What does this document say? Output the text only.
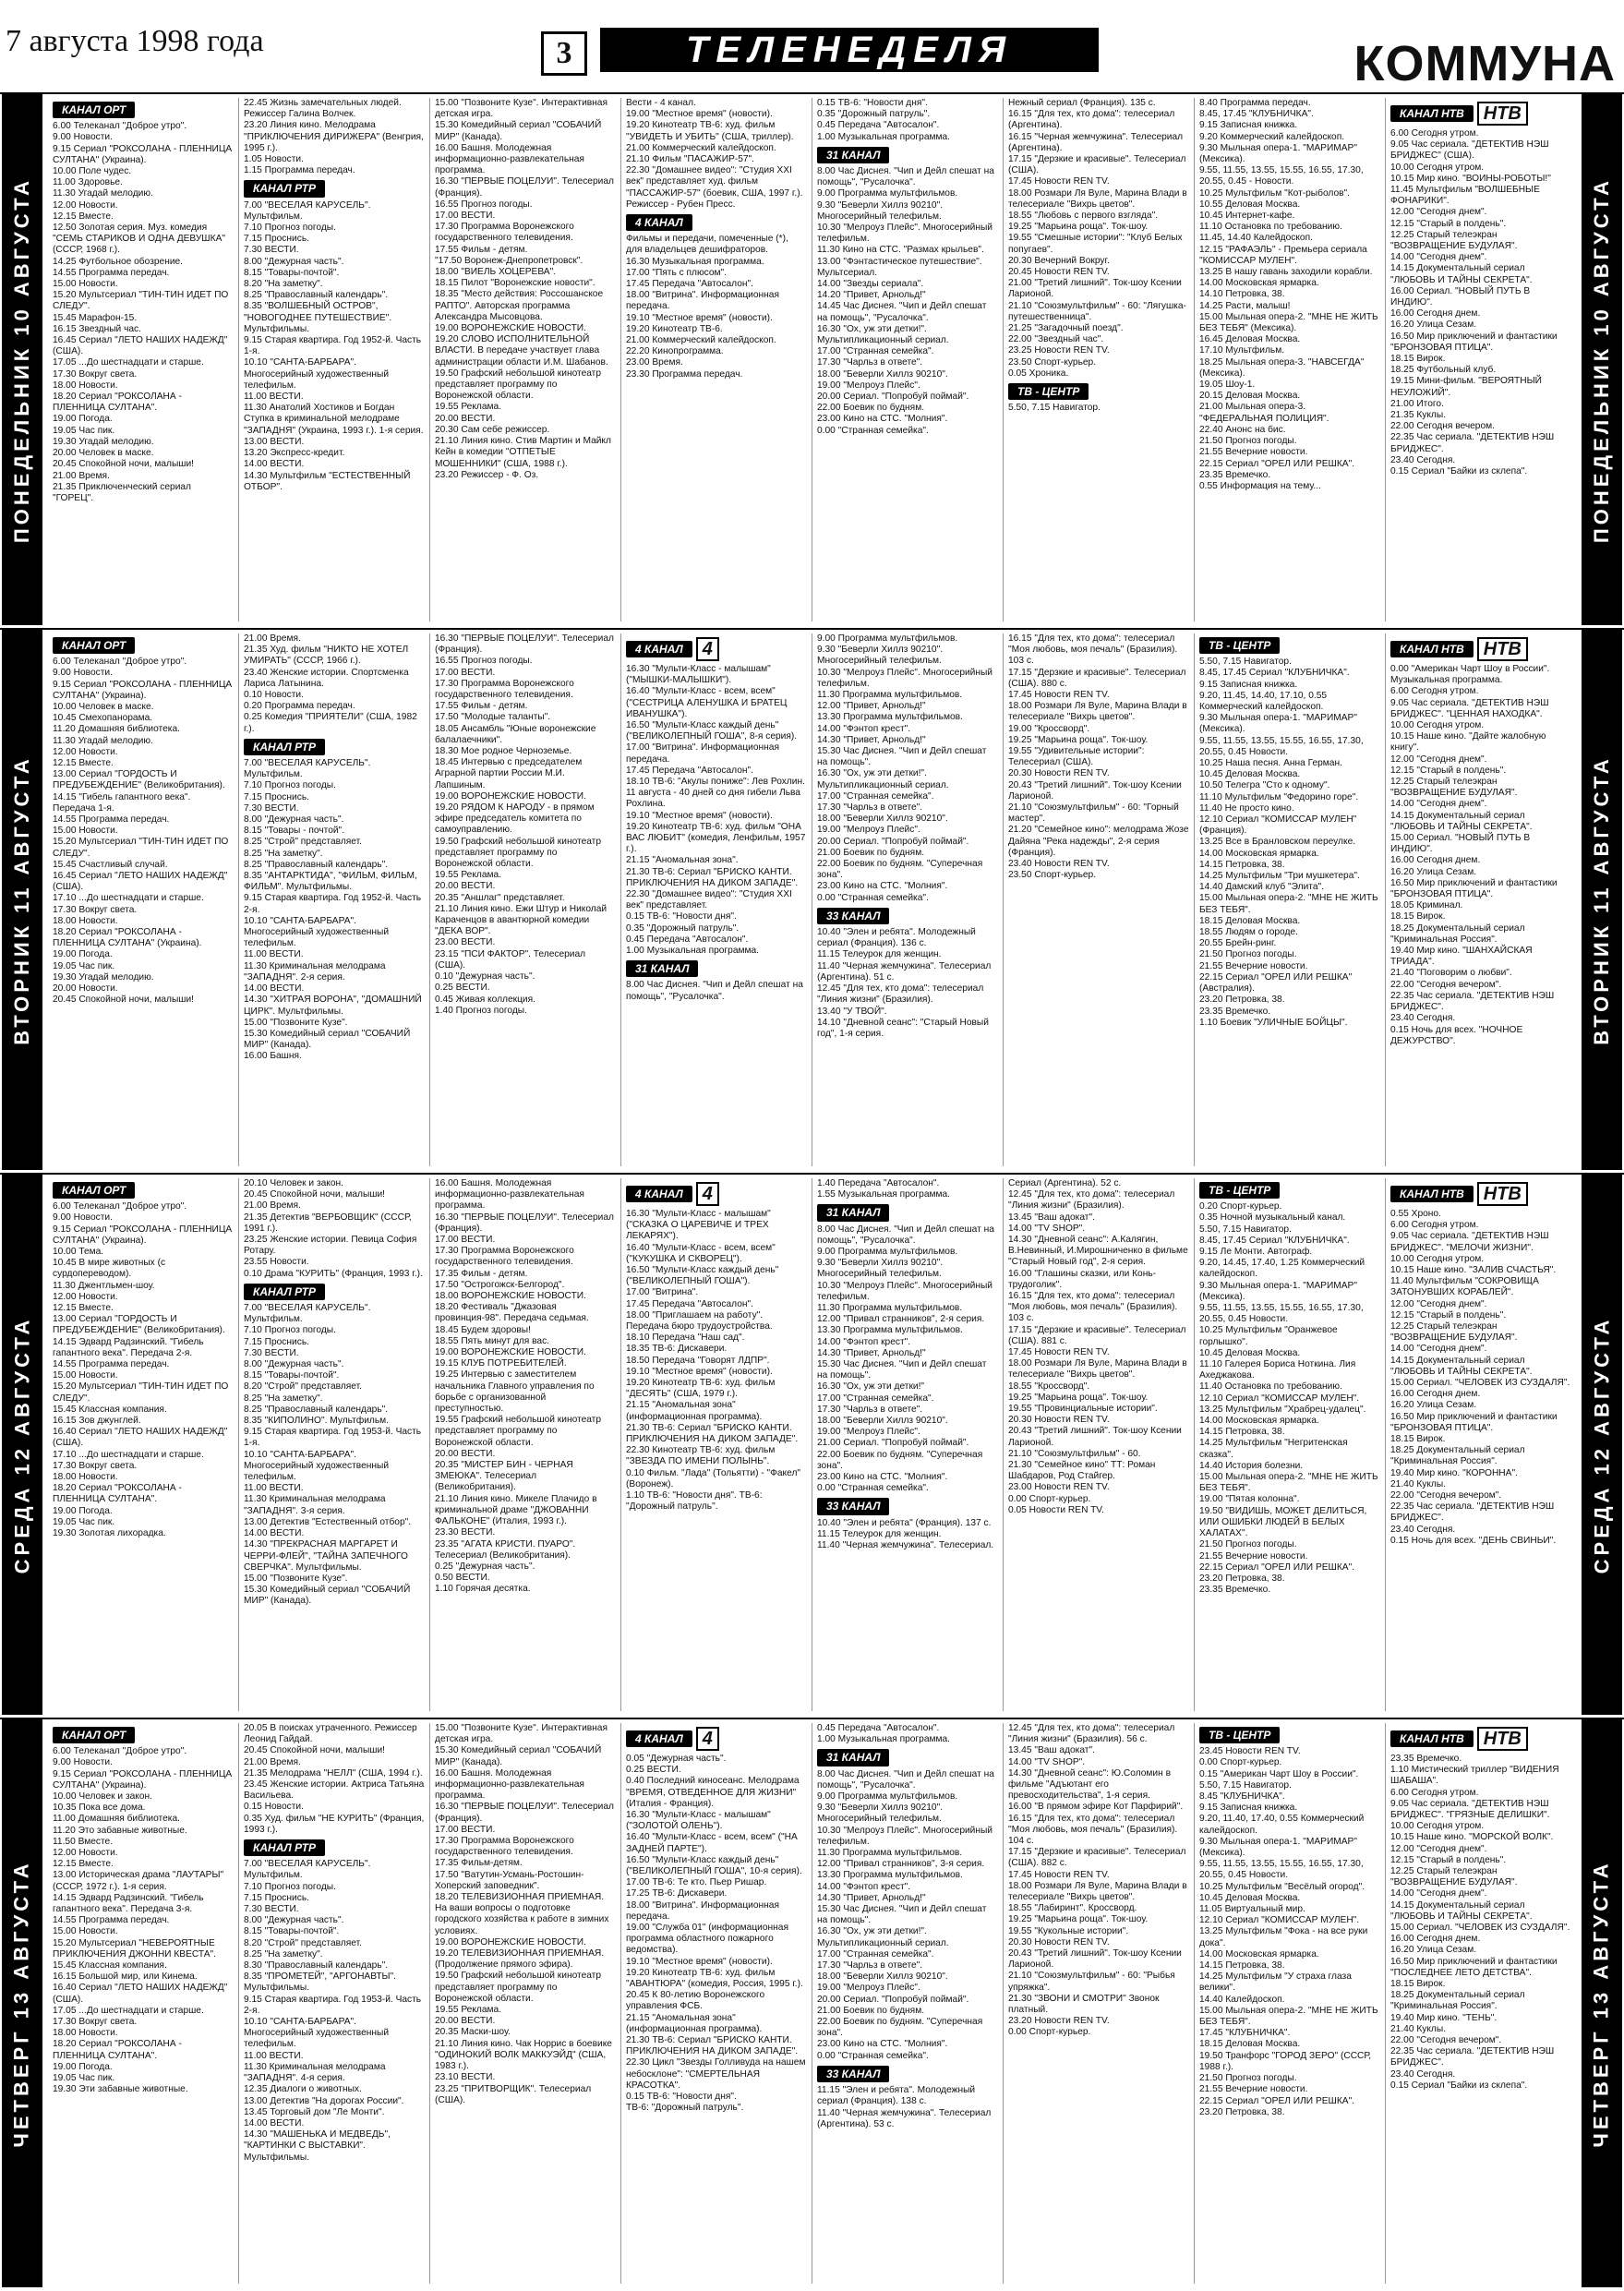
7 августа 1998 года	3	ТЕЛЕНЕДЕЛЯ	КОММУНА
ПОНЕДЕЛЬНИК 10 АВГУСТА	ПОНЕДЕЛЬНИК 10 АВГУСТА
КАНАЛ ОРТ

6.00 Телеканал "Доброе утро".

9.00 Новости.

9.15 Сериал "РОКСОЛАНА - ПЛЕННИЦА СУЛТАНА" (Украина).

10.00 Поле чудес.

11.00 Здоровье.

11.30 Угадай мелодию.

12.00 Новости.

12.15 Вместе.

12.50 Золотая серия. Муз. комедия "СЕМЬ СТАРИКОВ И ОДНА ДЕВУШКА" (СССР, 1968 г.).

14.25 Футбольное обозрение.

14.55 Программа передач.

15.00 Новости.

15.20 Мультсериал "ТИН-ТИН ИДЕТ ПО СЛЕДУ".

15.45 Марафон-15.

16.15 Звездный час.

16.45 Сериал "ЛЕТО НАШИХ НАДЕЖД" (США).

17.05 ...До шестнадцати и старше.

17.30 Вокруг света.

18.00 Новости.

18.20 Сериал "РОКСОЛАНА - ПЛЕННИЦА СУЛТАНА".

19.00 Погода.

19.05 Час пик.

19.30 Угадай мелодию.

20.00 Человек в маске.

20.45 Спокойной ночи, малыши!

21.00 Время.

21.35 Приключенческий сериал "ГОРЕЦ".

22.45 Жизнь замечательных людей. Режиссер Галина Волчек.

23.20 Линия кино. Мелодрама "ПРИКЛЮЧЕНИЯ ДИРИЖЕРА" (Венгрия, 1995 г.).

1.05 Новости.

1.15 Программа передач.

КАНАЛ РТР

7.00 "ВЕСЕЛАЯ КАРУСЕЛЬ". Мультфильм.

7.10 Прогноз погоды.

7.15 Проснись.

7.30 ВЕСТИ.

8.00 "Дежурная часть".

8.15 "Товары-почтой".

8.20 "На заметку".

8.25 "Православный календарь".

8.35 "ВОЛШЕБНЫЙ ОСТРОВ", "НОВОГОДНЕЕ ПУТЕШЕСТВИЕ". Мультфильмы.

9.15 Старая квартира. Год 1952-й. Часть 1-я.

10.10 "САНТА-БАРБАРА". Многосерийный художественный телефильм.

11.00 ВЕСТИ.

11.30 Анатолий Хостиков и Богдан Ступка в криминальной мелодраме "ЗАПАДНЯ" (Украина, 1993 г.). 1-я серия.

13.00 ВЕСТИ.

13.20 Экспресс-кредит.

14.00 ВЕСТИ.

14.30 Мультфильм "ЕСТЕСТВЕННЫЙ ОТБОР".

15.00 "Позвоните Кузе". Интерактивная детская игра.

15.30 Комедийный сериал "СОБАЧИЙ МИР" (Канада).

16.00 Башня. Молодежная информационно-развлекательная программа.

16.30 "ПЕРВЫЕ ПОЦЕЛУИ". Телесериал (Франция).

16.55 Прогноз погоды.

17.00 ВЕСТИ.

17.30 Программа Воронежского государственного телевидения.

17.55 Фильм - детям.

"17.50 Воронеж-Днепропетровск".

18.00 "ВИЕЛЬ ХОЦЕРЕВА".

18.15 Пилот "Воронежские новости".

18.35 "Место действия: Россошанское РАПТО". Авторская программа Александра Мысовцова.

19.00 ВОРОНЕЖСКИЕ НОВОСТИ.

19.20 СЛОВО ИСПОЛНИТЕЛЬНОЙ ВЛАСТИ. В передаче участвует глава администрации области И.М. Шабанов.

19.50 Графский небольшой кинотеатр представляет программу по Воронежской области.

19.55 Реклама.

20.00 ВЕСТИ.

20.30 Сам себе режиссер.

21.10 Линия кино. Стив Мартин и Майкл Кейн в комедии "ОТПЕТЫЕ МОШЕННИКИ" (США, 1988 г.).

23.20 Режиссер - Ф. Оз.

Вести - 4 канал.

19.00 "Местное время" (новости).

19.20 Кинотеатр ТВ-6: худ. фильм "УВИДЕТЬ И УБИТЬ" (США, триллер).

21.00 Коммерческий калейдоскоп.

21.10 Фильм "ПАСАЖИР-57".

22.30 "Домашнее видео": "Студия XXI век" представляет худ. фильм "ПАССАЖИР-57" (боевик, США, 1997 г.). Режиссер - Рубен Пресс.

4 КАНАЛ

Фильмы и передачи, помеченные (*), для владельцев дешифраторов.

16.30 Музыкальная программа.

17.00 "Пять с плюсом".

17.45 Передача "Автосалон".

18.00 "Витрина". Информационная передача.

19.10 "Местное время" (новости).

19.20 Кинотеатр ТВ-6.

21.00 Коммерческий калейдоскоп.

22.20 Кинопрограмма.

23.00 Время.

23.30 Программа передач.

0.15 ТВ-6: "Новости дня".

0.35 "Дорожный патруль".

0.45 Передача "Автосалон".

1.00 Музыкальная программа.

31 КАНАЛ

8.00 Час Диснея. "Чип и Дейл спешат на помощь", "Русалочка".

9.00 Программа мультфильмов.

9.30 "Беверли Хиллз 90210". Многосерийный телефильм.

10.30 "Мелроуз Плейс". Многосерийный телефильм.

11.30 Кино на СТС. "Размах крыльев".

13.00 "Фэнтастическое путешествие". Мультсериал.

14.00 "Звезды сериала".

14.20 "Привет, Арнольд!"

14.45 Час Диснея. "Чип и Дейл спешат на помощь", "Русалочка".

16.30 "Ох, уж эти детки!". Мультипликационный сериал.

17.00 "Странная семейка".

17.30 "Чарльз в ответе".

18.00 "Беверли Хиллз 90210".

19.00 "Мелроуз Плейс".

20.00 Сериал. "Попробуй поймай".

22.00 Боевик по будням.

23.00 Кино на СТС. "Молния".

0.00 "Странная семейка".

Нежный сериал (Франция). 135 с.

16.15 "Для тех, кто дома": телесериал (Аргентина).

16.15 "Черная жемчужина". Телесериал (Аргентина).

17.15 "Дерзкие и красивые". Телесериал (США).

17.45 Новости REN TV.

18.00 Розмари Ля Вуле, Марина Влади в телесериале "Вихрь цветов".

18.55 "Любовь с первого взгляда".

19.25 "Марьина роща". Ток-шоу.

19.55 "Смешные истории": "Клуб Белых попугаев".

20.30 Вечерний Вокруг.

20.45 Новости REN TV.

21.00 "Третий лишний". Ток-шоу Ксении Ларионой.

21.10 "Союзмультфильм" - 60: "Лягушка-путешественница".

21.25 "Загадочный поезд".

22.00 "Звездный час".

23.25 Новости REN TV.

23.50 Спорт-курьер.

0.05 Хроника.

ТВ - ЦЕНТР

5.50, 7.15 Навигатор.

8.40 Программа передач.

8.45, 17.45 "КЛУБНИЧКА".

9.15 Записная книжка.

9.20 Коммерческий калейдоскоп.

9.30 Мыльная опера-1. "МАРИМАР" (Мексика).

9.55, 11.55, 13.55, 15.55, 16.55, 17.30, 20.55, 0.45 - Новости.

10.25 Мультфильм "Кот-рыболов".

10.55 Деловая Москва.

10.45 Интернет-кафе.

11.10 Остановка по требованию.

11.45, 14.40 Калейдоскоп.

12.15 "РАФАЭЛЬ" - Премьера сериала "КОМИССАР МУЛЕН".

13.25 В нашу гавань заходили корабли.

14.00 Московская ярмарка.

14.10 Петровка, 38.

14.25 Расти, малыш!

15.00 Мыльная опера-2. "МНЕ НЕ ЖИТЬ БЕЗ ТЕБЯ" (Мексика).

16.45 Деловая Москва.

17.10 Мультфильм.

18.25 Мыльная опера-3. "НАВСЕГДА" (Мексика).

19.05 Шоу-1.

20.15 Деловая Москва.

21.00 Мыльная опера-3. "ФЕДЕРАЛЬНАЯ ПОЛИЦИЯ".

22.40 Анонс на бис.

21.50 Прогноз погоды.

21.55 Вечерние новости.

22.15 Сериал "ОРЕЛ ИЛИ РЕШКА".

23.35 Времечко.

0.55 Информация на тему...

КАНАЛ НТВ	НТВ

6.00 Сегодня утром.

9.05 Час сериала. "ДЕТЕКТИВ НЭШ БРИДЖЕС" (США).

10.00 Сегодня утром.

10.15 Мир кино. "ВОИНЫ-РОБОТЫ!"

11.45 Мультфильм "ВОЛШЕБНЫЕ ФОНАРИКИ".

12.00 "Сегодня днем".

12.15 "Старый в полдень".

12.25 Старый телеэкран "ВОЗВРАЩЕНИЕ БУДУЛАЯ".

14.00 "Сегодня днем".

14.15 Документальный сериал "ЛЮБОВЬ И ТАЙНЫ СЕКРЕТА".

16.00 Сериал. "НОВЫЙ ПУТЬ В ИНДИЮ".

16.00 Сегодня днем.

16.20 Улица Сезам.

16.50 Мир приключений и фантастики "БРОНЗОВАЯ ПТИЦА".

18.15 Вирок.

18.25 Футбольный клуб.

19.15 Мини-фильм. "ВЕРОЯТНЫЙ НЕУЛОЖИЙ".

21.00 Итого.

21.35 Куклы.

22.00 Сегодня вечером.

22.35 Час сериала. "ДЕТЕКТИВ НЭШ БРИДЖЕС".

23.40 Сегодня.

0.15 Сериал "Байки из склепа".

ВТОРНИК 11 АВГУСТА	ВТОРНИК 11 АВГУСТА
КАНАЛ ОРТ

6.00 Телеканал "Доброе утро".

9.00 Новости.

9.15 Сериал "РОКСОЛАНА - ПЛЕННИЦА СУЛТАНА" (Украина).

10.00 Человек в маске.

10.45 Смехопанорама.

11.20 Домашняя библиотека.

11.30 Угадай мелодию.

12.00 Новости.

12.15 Вместе.

13.00 Сериал "ГОРДОСТЬ И ПРЕДУБЕЖДЕНИЕ" (Великобритания).

14.15 "Гибель гапантного века". Передача 1-я.

14.55 Программа передач.

15.00 Новости.

15.20 Мультсериал "ТИН-ТИН ИДЕТ ПО СЛЕДУ".

15.45 Счастливый случай.

16.45 Сериал "ЛЕТО НАШИХ НАДЕЖД" (США).

17.10 ...До шестнадцати и старше.

17.30 Вокруг света.

18.00 Новости.

18.20 Сериал "РОКСОЛАНА - ПЛЕННИЦА СУЛТАНА" (Украина).

19.00 Погода.

19.05 Час пик.

19.30 Угадай мелодию.

20.00 Новости.

20.45 Спокойной ночи, малыши!

21.00 Время.

21.35 Худ. фильм "НИКТО НЕ ХОТЕЛ УМИРАТЬ" (СССР, 1966 г.).

23.40 Женские истории. Спортсменка Лариса Латынина.

0.10 Новости.

0.20 Программа передач.

0.25 Комедия "ПРИЯТЕЛИ" (США, 1982 г.).

КАНАЛ РТР

7.00 "ВЕСЕЛАЯ КАРУСЕЛЬ". Мультфильм.

7.10 Прогноз погоды.

7.15 Проснись.

7.30 ВЕСТИ.

8.00 "Дежурная часть".

8.15 "Товары - почтой".

8.25 "Строй" представляет.

8.25 "На заметку".

8.25 "Православный календарь".

8.35 "АНТАРКТИДА", "ФИЛЬМ, ФИЛЬМ, ФИЛЬМ". Мультфильмы.

9.15 Старая квартира. Год 1952-й. Часть 2-я.

10.10 "САНТА-БАРБАРА". Многосерийный художественный телефильм.

11.00 ВЕСТИ.

11.30 Криминальная мелодрама "ЗАПАДНЯ". 2-я серия.

14.00 ВЕСТИ.

14.30 "ХИТРАЯ ВОРОНА", "ДОМАШНИЙ ЦИРК". Мультфильмы.

15.00 "Позвоните Кузе".

15.30 Комедийный сериал "СОБАЧИЙ МИР" (Канада).

16.00 Башня.

16.30 "ПЕРВЫЕ ПОЦЕЛУИ". Телесериал (Франция).

16.55 Прогноз погоды.

17.00 ВЕСТИ.

17.30 Программа Воронежского государственного телевидения.

17.55 Фильм - детям.

17.50 "Молодые таланты".

18.05 Ансамбль "Юные воронежские балалаечники".

18.30 Мое родное Черноземье.

18.45 Интервью с председателем Аграрной партии России М.И. Лапшиным.

19.00 ВОРОНЕЖСКИЕ НОВОСТИ.

19.20 РЯДОМ К НАРОДУ - в прямом эфире председатель комитета по самоуправлению.

19.50 Графский небольшой кинотеатр представляет программу по Воронежской области.

19.55 Реклама.

20.00 ВЕСТИ.

20.35 "Аншлаг" представляет.

21.10 Линия кино. Ежи Штур и Николай Караченцов в авантюрной комедии "ДЕКА ВОР".

23.00 ВЕСТИ.

23.15 "ПСИ ФАКТОР". Телесериал (США).

0.10 "Дежурная часть".

0.25 ВЕСТИ.

0.45 Живая коллекция.

1.40 Прогноз погоды.

4 КАНАЛ	4

16.30 "Мульти-Класс - малышам" ("МЫШКИ-МАЛЫШКИ").

16.40 "Мульти-Класс - всем, всем" ("СЕСТРИЦА АЛЕНУШКА И БРАТЕЦ ИВАНУШКА").

16.50 "Мульти-Класс каждый день" ("ВЕЛИКОЛЕПНЫЙ ГОША", 8-я серия).

17.00 "Витрина". Информационная передача.

17.45 Передача "Автосалон".

18.10 ТВ-6: "Акулы пониже": Лев Рохлин. 11 августа - 40 дней со дня гибели Льва Рохлина.

19.10 "Местное время" (новости).

19.20 Кинотеатр ТВ-6: худ. фильм "ОНА ВАС ЛЮБИТ" (комедия, Ленфильм, 1957 г.).

21.15 "Аномальная зона".

21.30 ТВ-6: Сериал "БРИСКО КАНТИ. ПРИКЛЮЧЕНИЯ НА ДИКОМ ЗАПАДЕ".

22.30 "Домашнее видео": "Студия XXI век" представляет.

0.15 ТВ-6: "Новости дня".

0.35 "Дорожный патруль".

0.45 Передача "Автосалон".

1.00 Музыкальная программа.

31 КАНАЛ

8.00 Час Диснея. "Чип и Дейл спешат на помощь", "Русалочка".

9.00 Программа мультфильмов.

9.30 "Беверли Хиллз 90210". Многосерийный телефильм.

10.30 "Мелроуз Плейс". Многосерийный телефильм.

11.30 Программа мультфильмов.

12.00 "Привет, Арнольд!"

13.30 Программа мультфильмов.

14.00 "Фэнтоп крест".

14.30 "Привет, Арнольд!"

15.30 Час Диснея. "Чип и Дейл спешат на помощь".

16.30 "Ох, уж эти детки!". Мультипликационный сериал.

17.00 "Странная семейка".

17.30 "Чарльз в ответе".

18.00 "Беверли Хиллз 90210".

19.00 "Мелроуз Плейс".

20.00 Сериал. "Попробуй поймай".

21.00 Боевик по будням.

22.00 Боевик по будням. "Суперечная зона".

23.00 Кино на СТС. "Молния".

0.00 "Странная семейка".

33 КАНАЛ

10.40 "Элен и ребята". Молодежный сериал (Франция). 136 с.

11.15 Телеурок для женщин.

11.40 "Черная жемчужина". Телесериал (Аргентина). 51 с.

12.45 "Для тех, кто дома": телесериал "Линия жизни" (Бразилия).

13.40 "У ТВОЙ".

14.10 "Дневной сеанс": "Старый Новый год", 1-я серия.

16.15 "Для тех, кто дома": телесериал "Моя любовь, моя печаль" (Бразилия). 103 с.

17.15 "Дерзкие и красивые". Телесериал (США). 880 с.

17.45 Новости REN TV.

18.00 Розмари Ля Вуле, Марина Влади в телесериале "Вихрь цветов".

19.00 "Кроссворд".

19.25 "Марьина роща". Ток-шоу.

19.55 "Удивительные истории": Телесериал (США).

20.30 Новости REN TV.

20.43 "Третий лишний". Ток-шоу Ксении Ларионой.

21.10 "Союзмультфильм" - 60: "Горный мастер".

21.20 "Семейное кино": мелодрама Жозе Дайяна "Река надежды", 2-я серия (Франция).

23.40 Новости REN TV.

23.50 Спорт-курьер.

ТВ - ЦЕНТР

5.50, 7.15 Навигатор.

8.45, 17.45 Сериал "КЛУБНИЧКА".

9.15 Записная книжка.

9.20, 11.45, 14.40, 17.10, 0.55 Коммерческий калейдоскоп.

9.30 Мыльная опера-1. "МАРИМАР" (Мексика).

9.55, 11.55, 13.55, 15.55, 16.55, 17.30, 20.55, 0.45 Новости.

10.25 Наша песня. Анна Герман.

10.45 Деловая Москва.

10.50 Телегра "Сто к одному".

11.10 Мультфильм "Федорино горе".

11.40 Не просто кино.

12.10 Сериал "КОМИССАР МУЛЕН" (Франция).

13.25 Все в Бранловском переулке.

14.00 Московская ярмарка.

14.15 Петровка, 38.

14.25 Мультфильм "Три мушкетера".

14.40 Дамский клуб "Элита".

15.00 Мыльная опера-2. "МНЕ НЕ ЖИТЬ БЕЗ ТЕБЯ".

18.15 Деловая Москва.

18.55 Людям о городе.

20.55 Брейн-ринг.

21.50 Прогноз погоды.

21.55 Вечерние новости.

22.15 Сериал "ОРЕЛ ИЛИ РЕШКА" (Австралия).

23.20 Петровка, 38.

23.35 Времечко.

1.10 Боевик "УЛИЧНЫЕ БОЙЦЫ".

КАНАЛ НТВ	НТВ

0.00 "Американ Чарт Шоу в России". Музыкальная программа.

6.00 Сегодня утром.

9.05 Час сериала. "ДЕТЕКТИВ НЭШ БРИДЖЕС". "ЦЕННАЯ НАХОДКА".

10.00 Сегодня утром.

10.15 Наше кино. "Дайте жалобную книгу".

12.00 "Сегодня днем".

12.15 "Старый в полдень".

12.25 Старый телеэкран "ВОЗВРАЩЕНИЕ БУДУЛАЯ".

14.00 "Сегодня днем".

14.15 Документальный сериал "ЛЮБОВЬ И ТАЙНЫ СЕКРЕТА".

15.00 Сериал. "НОВЫЙ ПУТЬ В ИНДИЮ".

16.00 Сегодня днем.

16.20 Улица Сезам.

16.50 Мир приключений и фантастики "БРОНЗОВАЯ ПТИЦА".

18.05 Криминал.

18.15 Вирок.

18.25 Документальный сериал "Криминальная Россия".

19.40 Мир кино. "ШАНХАЙСКАЯ ТРИАДА".

21.40 "Поговорим о любви".

22.00 "Сегодня вечером".

22.35 Час сериала. "ДЕТЕКТИВ НЭШ БРИДЖЕС".

23.40 Сегодня.

0.15 Ночь для всех. "НОЧНОЕ ДЕЖУРСТВО".

СРЕДА 12 АВГУСТА	СРЕДА 12 АВГУСТА
КАНАЛ ОРТ

6.00 Телеканал "Доброе утро".

9.00 Новости.

9.15 Сериал "РОКСОЛАНА - ПЛЕННИЦА СУЛТАНА" (Украина).

10.00 Тема.

10.45 В мире животных (с сурдопереводом).

11.30 Джентльмен-шоу.

12.00 Новости.

12.15 Вместе.

13.00 Сериал "ГОРДОСТЬ И ПРЕДУБЕЖДЕНИЕ" (Великобритания).

14.15 Эдвард Радзинский. "Гибель гапантного века". Передача 2-я.

14.55 Программа передач.

15.00 Новости.

15.20 Мультсериал "ТИН-ТИН ИДЕТ ПО СЛЕДУ".

15.45 Классная компания.

16.15 Зов джунглей.

16.40 Сериал "ЛЕТО НАШИХ НАДЕЖД" (США).

17.10 ...До шестнадцати и старше.

17.30 Вокруг света.

18.00 Новости.

18.20 Сериал "РОКСОЛАНА - ПЛЕННИЦА СУЛТАНА".

19.00 Погода.

19.05 Час пик.

19.30 Золотая лихорадка.

20.10 Человек и закон.

20.45 Спокойной ночи, малыши!

21.00 Время.

21.35 Детектив "ВЕРБОВЩИК" (СССР, 1991 г.).

23.25 Женские истории. Певица София Ротару.

23.55 Новости.

0.10 Драма "КУРИТЬ" (Франция, 1993 г.).

КАНАЛ РТР

7.00 "ВЕСЕЛАЯ КАРУСЕЛЬ". Мультфильм.

7.10 Прогноз погоды.

7.15 Проснись.

7.30 ВЕСТИ.

8.00 "Дежурная часть".

8.15 "Товары-почтой".

8.20 "Строй" представляет.

8.25 "На заметку".

8.25 "Православный календарь".

8.35 "КИПОЛИНО". Мультфильм.

9.15 Старая квартира. Год 1953-й. Часть 1-я.

10.10 "САНТА-БАРБАРА". Многосерийный художественный телефильм.

11.00 ВЕСТИ.

11.30 Криминальная мелодрама "ЗАПАДНЯ". 3-я серия.

13.00 Детектив "Естественный отбор".

14.00 ВЕСТИ.

14.30 "ПРЕКРАСНАЯ МАРГАРЕТ И ЧЕРРИ-ФЛЕЙ", "ТАЙНА ЗАПЕЧНОГО СВЕРЧКА". Мультфильмы.

15.00 "Позвоните Кузе".

15.30 Комедийный сериал "СОБАЧИЙ МИР" (Канада).

16.00 Башня. Молодежная информационно-развлекательная программа.

16.30 "ПЕРВЫЕ ПОЦЕЛУИ". Телесериал (Франция).

17.00 ВЕСТИ.

17.30 Программа Воронежского государственного телевидения.

17.35 Фильм - детям.

17.50 "Острогожск-Белгород".

18.00 ВОРОНЕЖСКИЕ НОВОСТИ.

18.20 Фестиваль "Джазовая провинция-98". Передача седьмая.

18.45 Будем здоровы!

18.55 Пять минут для вас.

19.00 ВОРОНЕЖСКИЕ НОВОСТИ.

19.15 КЛУБ ПОТРЕБИТЕЛЕЙ.

19.25 Интервью с заместителем начальника Главного управления по борьбе с организованной преступностью.

19.55 Графский небольшой кинотеатр представляет программу по Воронежской области.

20.00 ВЕСТИ.

20.35 "МИСТЕР БИН - ЧЕРНАЯ ЗМЕЮКА". Телесериал (Великобритания).

21.10 Линия кино. Микеле Плачидо в криминальной драме "ДЖОВАННИ ФАЛЬКОНЕ" (Италия, 1993 г.).

23.30 ВЕСТИ.

23.35 "АГАТА КРИСТИ. ПУАРО". Телесериал (Великобритания).

0.25 "Дежурная часть".

0.50 ВЕСТИ.

1.10 Горячая десятка.

4 КАНАЛ	4

16.30 "Мульти-Класс - малышам" ("СКАЗКА О ЦАРЕВИЧЕ И ТРЕХ ЛЕКАРЯХ").

16.40 "Мульти-Класс - всем, всем" ("КУКУШКА И СКВОРЕЦ").

16.50 "Мульти-Класс каждый день" ("ВЕЛИКОЛЕПНЫЙ ГОША").

17.00 "Витрина".

17.45 Передача "Автосалон".

18.00 "Приглашаем на работу". Передача бюро трудоустройства.

18.10 Передача "Наш сад".

18.35 ТВ-6: Дискавери.

18.50 Передача "Говорят ЛДПР".

19.10 "Местное время" (новости).

19.20 Кинотеатр ТВ-6: худ. фильм "ДЕСЯТЬ" (США, 1979 г.).

21.15 "Аномальная зона" (информационная программа).

21.30 ТВ-6: Сериал "БРИСКО КАНТИ. ПРИКЛЮЧЕНИЯ НА ДИКОМ ЗАПАДЕ".

22.30 Кинотеатр ТВ-6: худ. фильм "ЗВЕЗДА ПО ИМЕНИ ПОЛЫНЬ".

0.10 Фильм. "Лада" (Тольятти) - "Факел" (Воронеж).

1.10 ТВ-6: "Новости дня". ТВ-6: "Дорожный патруль".

1.40 Передача "Автосалон".

1.55 Музыкальная программа.

31 КАНАЛ

8.00 Час Диснея. "Чип и Дейл спешат на помощь", "Русалочка".

9.00 Программа мультфильмов.

9.30 "Беверли Хиллз 90210". Многосерийный телефильм.

10.30 "Мелроуз Плейс". Многосерийный телефильм.

11.30 Программа мультфильмов.

12.00 "Привал странников", 2-я серия.

13.30 Программа мультфильмов.

14.00 "Фэнтоп крест".

14.30 "Привет, Арнольд!"

15.30 Час Диснея. "Чип и Дейл спешат на помощь".

16.30 "Ох, уж эти детки!"

17.00 "Странная семейка".

17.30 "Чарльз в ответе".

18.00 "Беверли Хиллз 90210".

19.00 "Мелроуз Плейс".

21.00 Сериал. "Попробуй поймай".

22.00 Боевик по будням. "Суперечная зона".

23.00 Кино на СТС. "Молния".

0.00 "Странная семейка".

33 КАНАЛ

10.40 "Элен и ребята" (Франция). 137 с.

11.15 Телеурок для женщин.

11.40 "Черная жемчужина". Телесериал.

Сериал (Аргентина). 52 с.

12.45 "Для тех, кто дома": телесериал "Линия жизни" (Бразилия).

13.45 "Ваш адокат".

14.00 "ТV SHOP".

14.30 "Дневной сеанс": А.Калягин, В.Невинный, И.Мирошниченко в фильме "Старый Новый год", 2-я серия.

16.00 "Глашины сказки, или Конь-трудоголик".

16.15 "Для тех, кто дома": телесериал "Моя любовь, моя печаль" (Бразилия). 103 с.

17.15 "Дерзкие и красивые". Телесериал (США). 881 с.

17.45 Новости REN TV.

18.00 Розмари Ля Вуле, Марина Влади в телесериале "Вихрь цветов".

18.55 "Кроссворд".

19.25 "Марьина роща". Ток-шоу.

19.55 "Провинциальные истории".

20.30 Новости REN TV.

20.43 "Третий лишний". Ток-шоу Ксении Ларионой.

21.10 "Союзмультфильм" - 60.

21.30 "Семейное кино" ТТ: Роман Шабдаров, Род Стайгер.

23.00 Новости REN TV.

0.00 Спорт-курьер.

0.05 Новости REN TV.

ТВ - ЦЕНТР

0.20 Спорт-курьер.

0.35 Ночной музыкальный канал.

5.50, 7.15 Навигатор.

8.45, 17.45 Сериал "КЛУБНИЧКА".

9.15 Ле Монти. Автограф.

9.20, 14.45, 17.40, 1.25 Коммерческий калейдоскоп.

9.30 Мыльная опера-1. "МАРИМАР" (Мексика).

9.55, 11.55, 13.55, 15.55, 16.55, 17.30, 20.55, 0.45 Новости.

10.25 Мультфильм "Оранжевое горлышко".

10.45 Деловая Москва.

11.10 Галерея Бориса Ноткина. Лия Ахеджакова.

11.40 Остановка по требованию.

12.10 Сериал "КОМИССАР МУЛЕН".

13.25 Мультфильм "Храбрец-удалец".

14.00 Московская ярмарка.

14.15 Петровка, 38.

14.25 Мультфильм "Негритенская сказка".

14.40 История болезни.

15.00 Мыльная опера-2. "МНЕ НЕ ЖИТЬ БЕЗ ТЕБЯ".

19.00 "Пятая колонна".

19.50 "ВИДИШЬ, МОЖЕТ ДЕЛИТЬСЯ, ИЛИ ОШИБКИ ЛЮДЕЙ В БЕЛЫХ ХАЛАТАХ".

21.50 Прогноз погоды.

21.55 Вечерние новости.

22.15 Сериал "ОРЕЛ ИЛИ РЕШКА".

23.20 Петровка, 38.

23.35 Времечко.

КАНАЛ НТВ	НТВ

0.55 Хроно.

6.00 Сегодня утром.

9.05 Час сериала. "ДЕТЕКТИВ НЭШ БРИДЖЕС". "МЕЛОЧИ ЖИЗНИ".

10.00 Сегодня утром.

10.15 Наше кино. "ЗАЛИВ СЧАСТЬЯ".

11.40 Мультфильм "СОКРОВИЩА ЗАТОНУВШИХ КОРАБЛЕЙ".

12.00 "Сегодня днем".

12.15 "Старый в полдень".

12.25 Старый телеэкран "ВОЗВРАЩЕНИЕ БУДУЛАЯ".

14.00 "Сегодня днем".

14.15 Документальный сериал "ЛЮБОВЬ И ТАЙНЫ СЕКРЕТА".

15.00 Сериал. "ЧЕЛОВЕК ИЗ СУЗДАЛЯ".

16.00 Сегодня днем.

16.20 Улица Сезам.

16.50 Мир приключений и фантастики "БРОНЗОВАЯ ПТИЦА".

18.15 Вирок.

18.25 Документальный сериал "Криминальная Россия".

19.40 Мир кино. "КОРОННА".

21.40 Куклы.

22.00 "Сегодня вечером".

22.35 Час сериала. "ДЕТЕКТИВ НЭШ БРИДЖЕС".

23.40 Сегодня.

0.15 Ночь для всех. "ДЕНЬ СВИНЬИ".

ЧЕТВЕРГ 13 АВГУСТА	ЧЕТВЕРГ 13 АВГУСТА
КАНАЛ ОРТ

6.00 Телеканал "Доброе утро".

9.00 Новости.

9.15 Сериал "РОКСОЛАНА - ПЛЕННИЦА СУЛТАНА" (Украина).

10.00 Человек и закон.

10.35 Пока все дома.

11.00 Домашняя библиотека.

11.20 Это забавные животные.

11.50 Вместе.

12.00 Новости.

12.15 Вместе.

13.00 Историческая драма "ЛАУТАРЫ" (СССР, 1972 г.). 1-я серия.

14.15 Эдвард Радзинский. "Гибель гапантного века". Передача 3-я.

14.55 Программа передач.

15.00 Новости.

15.20 Мультсериал "НЕВЕРОЯТНЫЕ ПРИКЛЮЧЕНИЯ ДЖОННИ КВЕСТА".

15.45 Классная компания.

16.15 Большой мир, или Кинема.

16.40 Сериал "ЛЕТО НАШИХ НАДЕЖД" (США).

17.05 ...До шестнадцати и старше.

17.30 Вокруг света.

18.00 Новости.

18.20 Сериал "РОКСОЛАНА - ПЛЕННИЦА СУЛТАНА".

19.00 Погода.

19.05 Час пик.

19.30 Эти забавные животные.

20.05 В поисках утраченного. Режиссер Леонид Гайдай.

20.45 Спокойной ночи, малыши!

21.00 Время.

21.35 Мелодрама "НЕЛЛ" (США, 1994 г.).

23.45 Женские истории. Актриса Татьяна Васильева.

0.15 Новости.

0.35 Худ. фильм "НЕ КУРИТЬ" (Франция, 1993 г.).

КАНАЛ РТР

7.00 "ВЕСЕЛАЯ КАРУСЕЛЬ". Мультфильм.

7.10 Прогноз погоды.

7.15 Проснись.

7.30 ВЕСТИ.

8.00 "Дежурная часть".

8.15 "Товары-почтой".

8.20 "Строй" представляет.

8.25 "На заметку".

8.30 "Православный календарь".

8.35 "ПРОМЕТЕЙ", "АРГОНАВТЫ". Мультфильмы.

9.15 Старая квартира. Год 1953-й. Часть 2-я.

10.10 "САНТА-БАРБАРА". Многосерийный художественный телефильм.

11.00 ВЕСТИ.

11.30 Криминальная мелодрама "ЗАПАДНЯ". 4-я серия.

12.35 Диалоги о животных.

13.00 Детектив "На дорогах России".

13.45 Торговый дом "Ле Монти".

14.00 ВЕСТИ.

14.30 "МАШЕНЬКА И МЕДВЕДЬ", "КАРТИНКИ С ВЫСТАВКИ". Мультфильмы.

15.00 "Позвоните Кузе". Интерактивная детская игра.

15.30 Комедийный сериал "СОБАЧИЙ МИР" (Канада).

16.00 Башня. Молодежная информационно-развлекательная программа.

16.30 "ПЕРВЫЕ ПОЦЕЛУИ". Телесериал (Франция).

17.00 ВЕСТИ.

17.30 Программа Воронежского государственного телевидения.

17.35 Фильм-детям.

17.50 "Ватутин-Усмань-Ростошин-Хоперский заповедник".

18.20 ТЕЛЕВИЗИОННАЯ ПРИЕМНАЯ. На ваши вопросы о подготовке городского хозяйства к работе в зимних условиях.

19.00 ВОРОНЕЖСКИЕ НОВОСТИ.

19.20 ТЕЛЕВИЗИОННАЯ ПРИЕМНАЯ. (Продолжение прямого эфира).

19.50 Графский небольшой кинотеатр представляет программу по Воронежской области.

19.55 Реклама.

20.00 ВЕСТИ.

20.35 Маски-шоу.

21.10 Линия кино. Чак Норрис в боевике "ОДИНОКИЙ ВОЛК МАККУЭЙД" (США, 1983 г.).

23.10 ВЕСТИ.

23.25 "ПРИТВОРЩИК". Телесериал (США).

4 КАНАЛ	4

0.05 "Дежурная часть".

0.25 ВЕСТИ.

0.40 Последний киносеанс. Мелодрама "ВРЕМЯ, ОТВЕДЕННОЕ ДЛЯ ЖИЗНИ" (Италия - Франция).

16.30 "Мульти-Класс - малышам" ("ЗОЛОТОЙ ОЛЕНЬ").

16.40 "Мульти-Класс - всем, всем" ("НА ЗАДНЕЙ ПАРТЕ").

16.50 "Мульти-Класс каждый день" ("ВЕЛИКОЛЕПНЫЙ ГОША", 10-я серия).

17.00 ТВ-6: Те кто. Пьер Ришар.

17.25 ТВ-6: Дискавери.

18.00 "Витрина". Информационная передача.

19.00 "Служба 01" (информационная программа областного пожарного ведомства).

19.10 "Местное время" (новости).

19.20 Кинотеатр ТВ-6: худ. фильм "АВАНТЮРА" (комедия, Россия, 1995 г.).

20.45 К 80-летию Воронежского управления ФСБ.

21.15 "Аномальная зона" (информационная программа).

21.30 ТВ-6: Сериал "БРИСКО КАНТИ. ПРИКЛЮЧЕНИЯ НА ДИКОМ ЗАПАДЕ".

22.30 Цикл "Звезды Голливуда на нашем небосклоне": "СМЕРТЕЛЬНАЯ КРАСОТКА".

0.15 ТВ-6: "Новости дня".

ТВ-6: "Дорожный патруль".

0.45 Передача "Автосалон".

1.00 Музыкальная программа.

31 КАНАЛ

8.00 Час Диснея. "Чип и Дейл спешат на помощь", "Русалочка".

9.00 Программа мультфильмов.

9.30 "Беверли Хиллз 90210". Многосерийный телефильм.

10.30 "Мелроуз Плейс". Многосерийный телефильм.

11.30 Программа мультфильмов.

12.00 "Привал странников", 3-я серия.

13.30 Программа мультфильмов.

14.00 "Фэнтоп крест".

14.30 "Привет, Арнольд!"

15.30 Час Диснея. "Чип и Дейл спешат на помощь".

16.30 "Ох, уж эти детки!". Мультипликационный сериал.

17.00 "Странная семейка".

17.30 "Чарльз в ответе".

18.00 "Беверли Хиллз 90210".

19.00 "Мелроуз Плейс".

20.00 Сериал. "Попробуй поймай".

21.00 Боевик по будням.

22.00 Боевик по будням. "Суперечная зона".

23.00 Кино на СТС. "Молния".

0.00 "Странная семейка".

33 КАНАЛ

11.15 "Элен и ребята". Молодежный сериал (Франция). 138 с.

11.40 "Черная жемчужина". Телесериал (Аргентина). 53 с.

12.45 "Для тех, кто дома": телесериал "Линия жизни" (Бразилия). 56 с.

13.45 "Ваш адокат".

14.00 "ТV SHOP".

14.30 "Дневной сеанс": Ю.Соломин в фильме "Адъютант его превосходительства", 1-я серия.

16.00 "В прямом эфире Кот Парфирий".

16.15 "Для тех, кто дома": телесериал "Моя любовь, моя печаль" (Бразилия). 104 с.

17.15 "Дерзкие и красивые". Телесериал (США). 882 с.

17.45 Новости REN TV.

18.00 Розмари Ля Вуле, Марина Влади в телесериале "Вихрь цветов".

18.55 "Лабиринт". Кроссворд.

19.25 "Марьина роща". Ток-шоу.

19.55 "Кукольные истории".

20.30 Новости REN TV.

20.43 "Третий лишний". Ток-шоу Ксении Ларионой.

21.10 "Союзмультфильм" - 60: "Рыбья упряжка".

21.30 "ЗВОНИ И СМОТРИ" Звонок платный.

23.20 Новости REN TV.

0.00 Спорт-курьер.

ТВ - ЦЕНТР

23.45 Новости REN TV.

0.00 Спорт-курьер.

0.15 "Американ Чарт Шоу в России".

5.50, 7.15 Навигатор.

8.45 "КЛУБНИЧКА".

9.15 Записная книжка.

9.20, 11.40, 17.40, 0.55 Коммерческий калейдоскоп.

9.30 Мыльная опера-1. "МАРИМАР" (Мексика).

9.55, 11.55, 13.55, 15.55, 16.55, 17.30, 20.55, 0.45 Новости.

10.25 Мультфильм "Весёлый огород".

10.45 Деловая Москва.

11.05 Виртуальный мир.

12.10 Сериал "КОМИССАР МУЛЕН".

13.25 Мультфильм "Фока - на все руки дока".

14.00 Московская ярмарка.

14.15 Петровка, 38.

14.25 Мультфильм "У страха глаза велики".

14.40 Калейдоскоп.

15.00 Мыльная опера-2. "МНЕ НЕ ЖИТЬ БЕЗ ТЕБЯ".

17.45 "КЛУБНИЧКА".

18.15 Деловая Москва.

19.50 Транфорс "ГОРОД ЗЕРО" (СССР, 1988 г.).

21.50 Прогноз погоды.

21.55 Вечерние новости.

22.15 Сериал "ОРЕЛ ИЛИ РЕШКА".

23.20 Петровка, 38.

КАНАЛ НТВ	НТВ

23.35 Времечко.

1.10 Мистический триллер "ВИДЕНИЯ ШАБАША".

6.00 Сегодня утром.

9.05 Час сериала. "ДЕТЕКТИВ НЭШ БРИДЖЕС". "ГРЯЗНЫЕ ДЕЛИШКИ".

10.00 Сегодня утром.

10.15 Наше кино. "МОРСКОЙ ВОЛК".

12.00 "Сегодня днем".

12.15 "Старый в полдень".

12.25 Старый телеэкран "ВОЗВРАЩЕНИЕ БУДУЛАЯ".

14.00 "Сегодня днем".

14.15 Документальный сериал "ЛЮБОВЬ И ТАЙНЫ СЕКРЕТА".

15.00 Сериал. "ЧЕЛОВЕК ИЗ СУЗДАЛЯ".

16.00 Сегодня днем.

16.20 Улица Сезам.

16.50 Мир приключений и фантастики "ПОСЛЕДНЕЕ ЛЕТО ДЕТСТВА".

18.15 Вирок.

18.25 Документальный сериал "Криминальная Россия".

19.40 Мир кино. "ТЕНЬ".

21.40 Куклы.

22.00 "Сегодня вечером".

22.35 Час сериала. "ДЕТЕКТИВ НЭШ БРИДЖЕС".

23.40 Сегодня.

0.15 Сериал "Байки из склепа".
